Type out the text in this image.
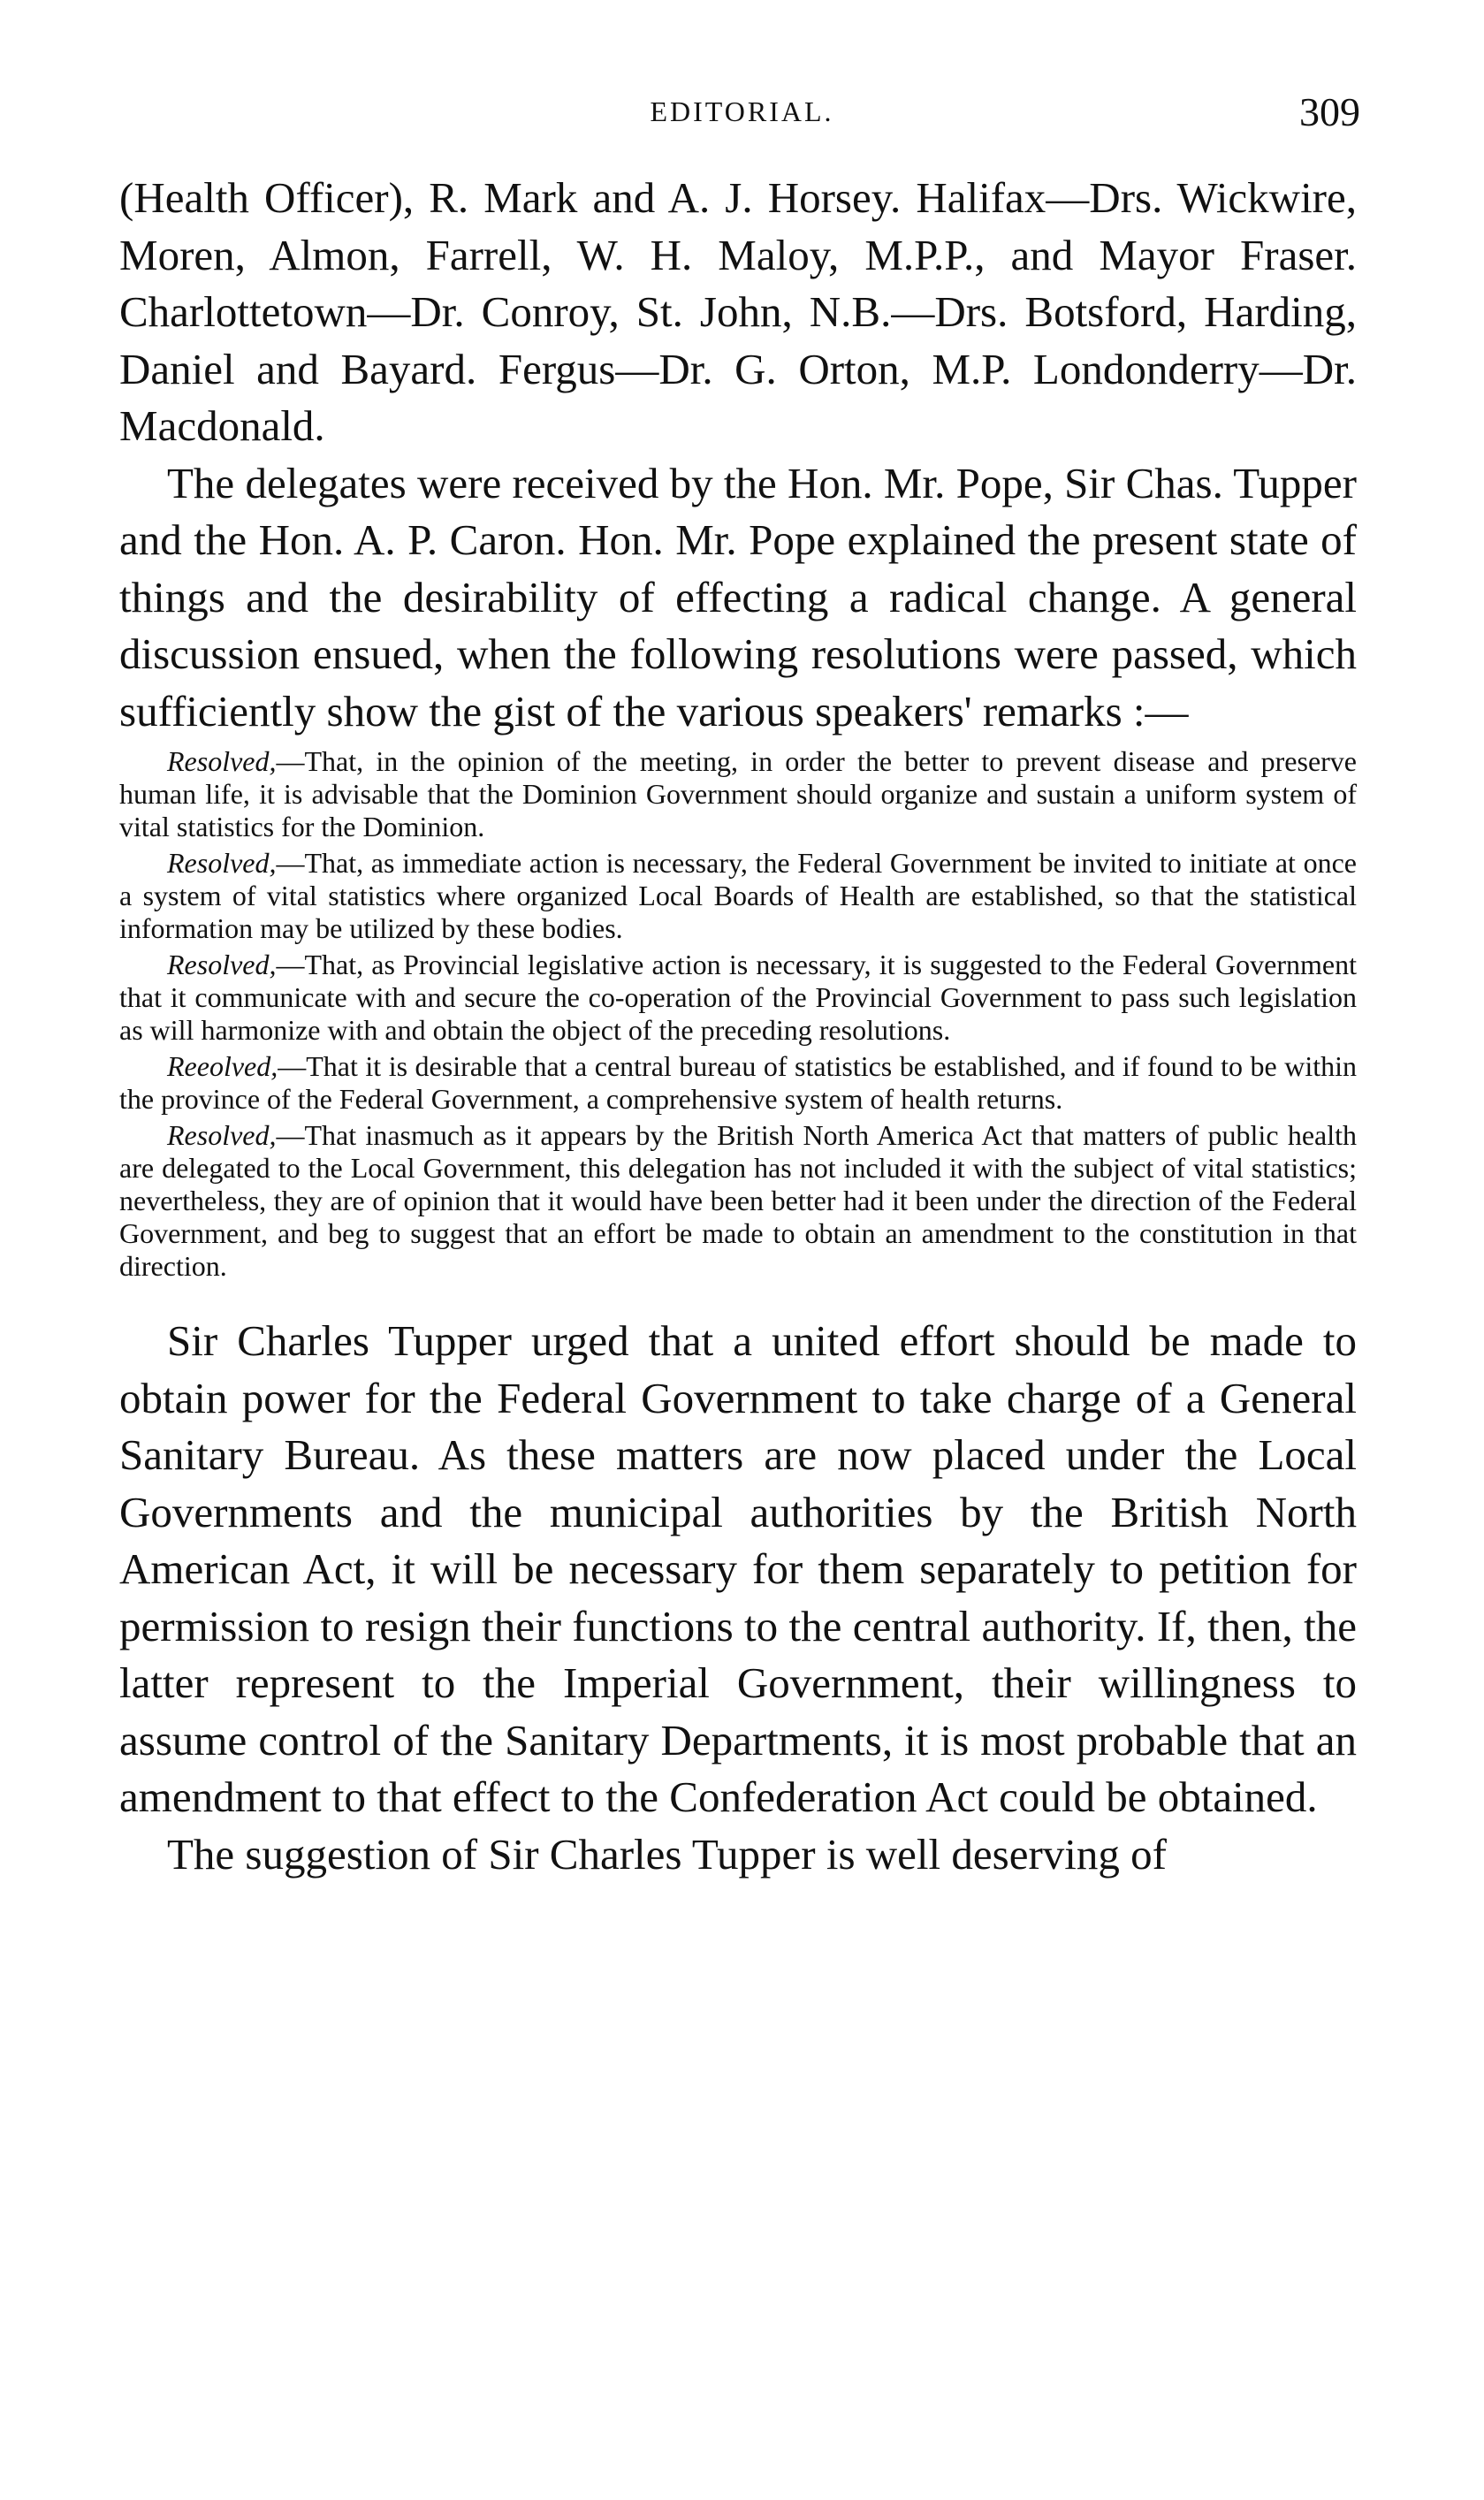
EDITORIAL.	309

(Health Officer), R. Mark and A. J. Horsey. Halifax—Drs. Wickwire, Moren, Almon, Farrell, W. H. Maloy, M.P.P., and Mayor Fraser. Charlottetown—Dr. Conroy, St. John, N.B.—Drs. Botsford, Harding, Daniel and Bayard. Fergus—Dr. G. Orton, M.P. Londonderry—Dr. Macdonald.

The delegates were received by the Hon. Mr. Pope, Sir Chas. Tupper and the Hon. A. P. Caron. Hon. Mr. Pope explained the present state of things and the desirability of effecting a radical change. A general discussion ensued, when the following resolutions were passed, which sufficiently show the gist of the various speakers' remarks :—

Resolved,—That, in the opinion of the meeting, in order the better to prevent disease and preserve human life, it is advisable that the Dominion Government should organize and sustain a uniform system of vital statistics for the Dominion.

Resolved,—That, as immediate action is necessary, the Federal Government be invited to initiate at once a system of vital statistics where organized Local Boards of Health are established, so that the statistical information may be utilized by these bodies.

Resolved,—That, as Provincial legislative action is necessary, it is suggested to the Federal Government that it communicate with and secure the co-operation of the Provincial Government to pass such legislation as will harmonize with and obtain the object of the preceding resolutions.

Reeolved,—That it is desirable that a central bureau of statistics be established, and if found to be within the province of the Federal Government, a comprehensive system of health returns.

Resolved,—That inasmuch as it appears by the British North America Act that matters of public health are delegated to the Local Government, this delegation has not included it with the subject of vital statistics; nevertheless, they are of opinion that it would have been better had it been under the direction of the Federal Government, and beg to suggest that an effort be made to obtain an amendment to the constitution in that direction.

Sir Charles Tupper urged that a united effort should be made to obtain power for the Federal Government to take charge of a General Sanitary Bureau. As these matters are now placed under the Local Governments and the municipal authorities by the British North American Act, it will be necessary for them separately to petition for permission to resign their functions to the central authority. If, then, the latter represent to the Imperial Government, their willingness to assume control of the Sanitary Departments, it is most probable that an amendment to that effect to the Confederation Act could be obtained.

The suggestion of Sir Charles Tupper is well deserving of
